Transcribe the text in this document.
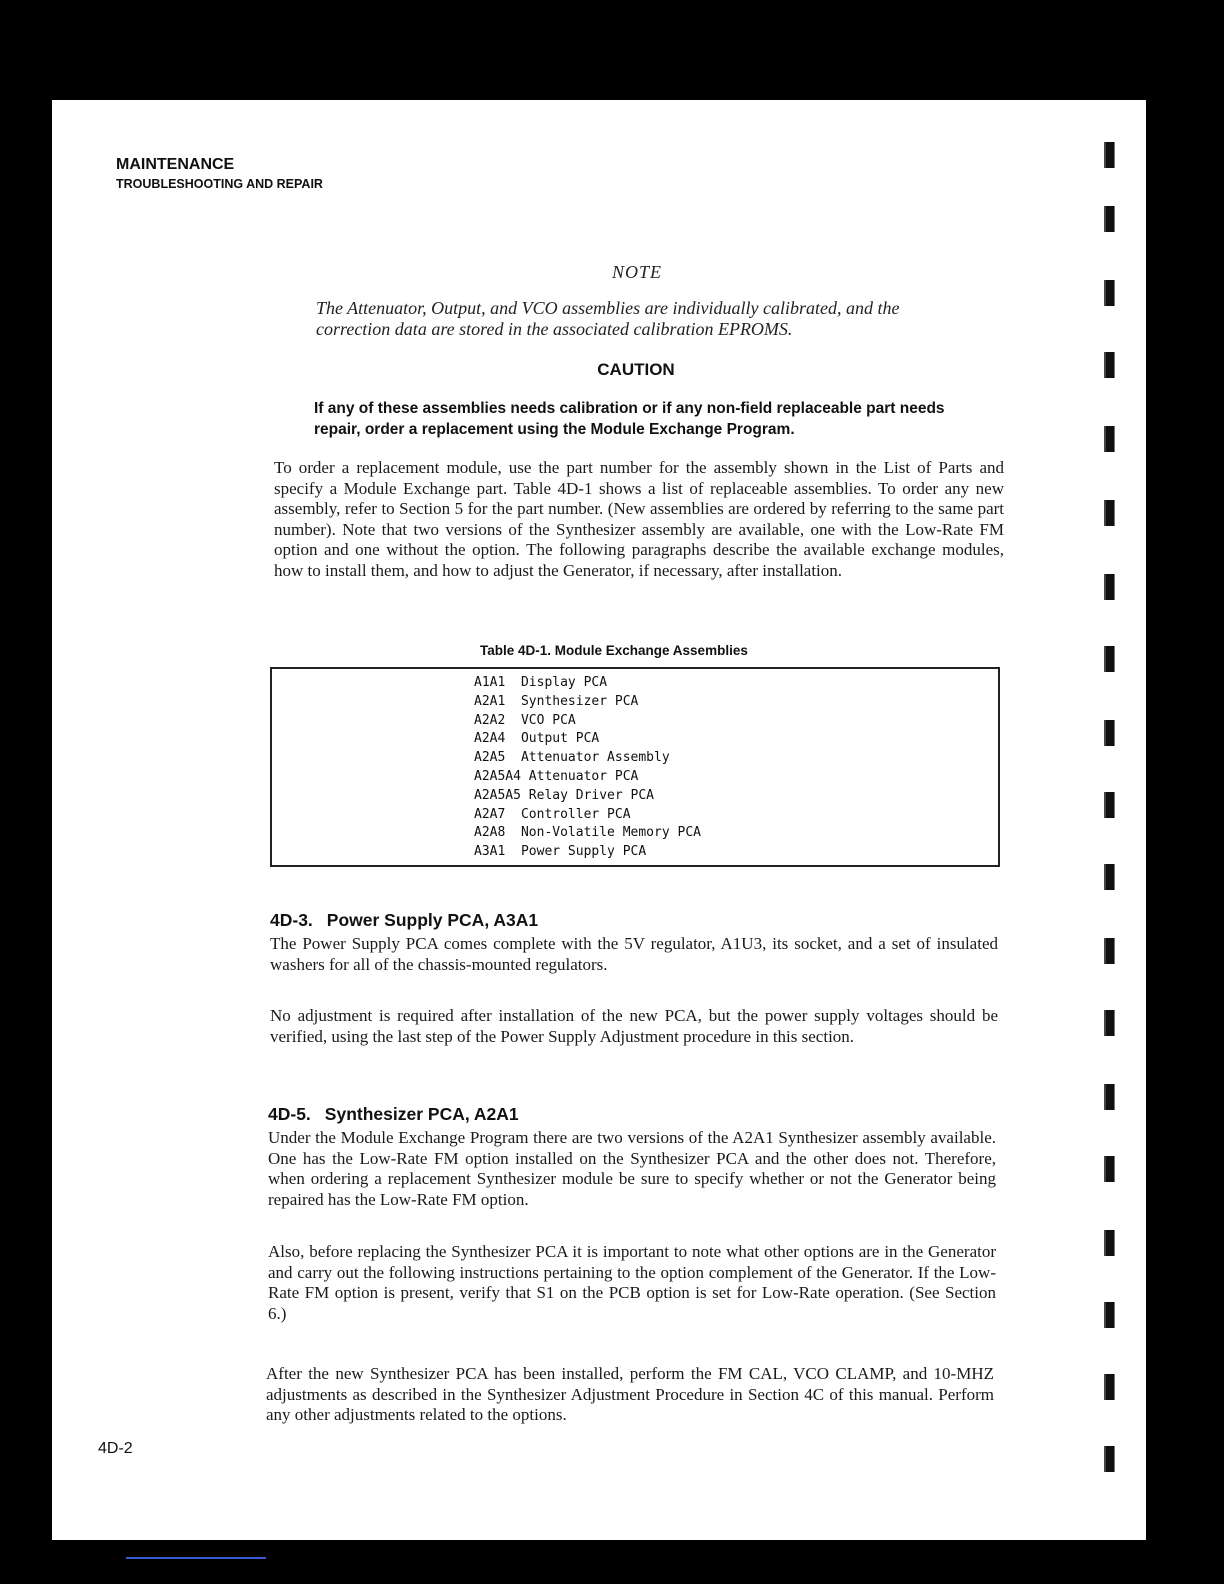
MAINTENANCE
TROUBLESHOOTING AND REPAIR
NOTE
The Attenuator, Output, and VCO assemblies are individually calibrated, and the correction data are stored in the associated calibration EPROMS.
CAUTION
If any of these assemblies needs calibration or if any non-field replaceable part needs repair, order a replacement using the Module Exchange Program.
To order a replacement module, use the part number for the assembly shown in the List of Parts and specify a Module Exchange part. Table 4D-1 shows a list of replaceable assemblies. To order any new assembly, refer to Section 5 for the part number. (New assemblies are ordered by referring to the same part number). Note that two versions of the Synthesizer assembly are available, one with the Low-Rate FM option and one without the option. The following paragraphs describe the available exchange modules, how to install them, and how to adjust the Generator, if necessary, after installation.
Table 4D-1. Module Exchange Assemblies
A1A1  Display PCA
A2A1  Synthesizer PCA
A2A2  VCO PCA
A2A4  Output PCA
A2A5  Attenuator Assembly
A2A5A4 Attenuator PCA
A2A5A5 Relay Driver PCA
A2A7  Controller PCA
A2A8  Non-Volatile Memory PCA
A3A1  Power Supply PCA
4D-3. Power Supply PCA, A3A1
The Power Supply PCA comes complete with the 5V regulator, A1U3, its socket, and a set of insulated washers for all of the chassis-mounted regulators.
No adjustment is required after installation of the new PCA, but the power supply voltages should be verified, using the last step of the Power Supply Adjustment procedure in this section.
4D-5. Synthesizer PCA, A2A1
Under the Module Exchange Program there are two versions of the A2A1 Synthesizer assembly available. One has the Low-Rate FM option installed on the Synthesizer PCA and the other does not. Therefore, when ordering a replacement Synthesizer module be sure to specify whether or not the Generator being repaired has the Low-Rate FM option.
Also, before replacing the Synthesizer PCA it is important to note what other options are in the Generator and carry out the following instructions pertaining to the option complement of the Generator. If the Low-Rate FM option is present, verify that S1 on the PCB option is set for Low-Rate operation. (See Section 6.)
After the new Synthesizer PCA has been installed, perform the FM CAL, VCO CLAMP, and 10-MHZ adjustments as described in the Synthesizer Adjustment Procedure in Section 4C of this manual. Perform any other adjustments related to the options.
4D-2
